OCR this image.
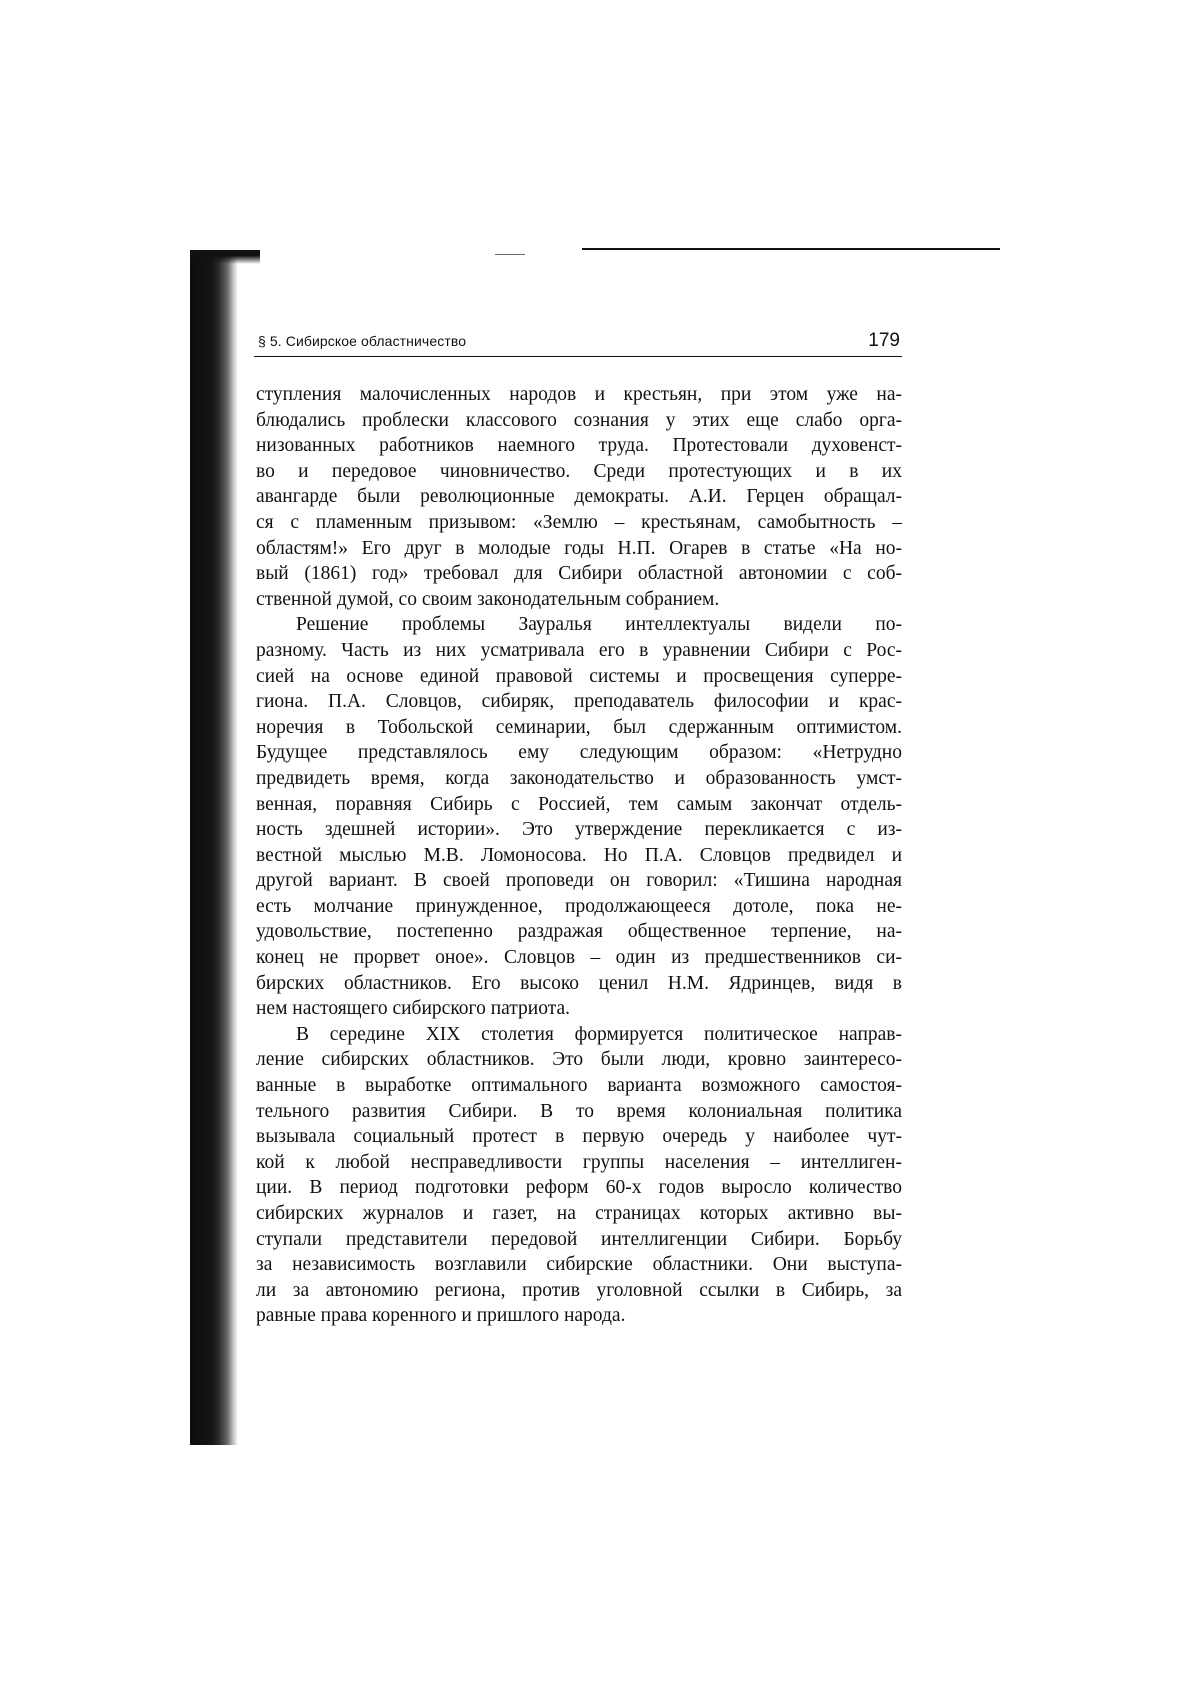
§ 5. Сибирское областничество	179
ступления малочисленных народов и крестьян, при этом уже на-
блюдались проблески классового сознания у этих еще слабо орга-
низованных работников наемного труда. Протестовали духовенст-
во и передовое чиновничество. Среди протестующих и в их
авангарде были революционные демократы. А.И. Герцен обращал-
ся с пламенным призывом: «Землю – крестьянам, самобытность –
областям!» Его друг в молодые годы Н.П. Огарев в статье «На но-
вый (1861) год» требовал для Сибири областной автономии с соб-
ственной думой, со своим законодательным собранием.
Решение проблемы Зауралья интеллектуалы видели по-
разному. Часть из них усматривала его в уравнении Сибири с Рос-
сией на основе единой правовой системы и просвещения суперре-
гиона. П.А. Словцов, сибиряк, преподаватель философии и крас-
норечия в Тобольской семинарии, был сдержанным оптимистом.
Будущее представлялось ему следующим образом: «Нетрудно
предвидеть время, когда законодательство и образованность умст-
венная, поравняя Сибирь с Россией, тем самым закончат отдель-
ность здешней истории». Это утверждение перекликается с из-
вестной мыслью М.В. Ломоносова. Но П.А. Словцов предвидел и
другой вариант. В своей проповеди он говорил: «Тишина народная
есть молчание принужденное, продолжающееся дотоле, пока не-
удовольствие, постепенно раздражая общественное терпение, на-
конец не прорвет оное». Словцов – один из предшественников си-
бирских областников. Его высоко ценил Н.М. Ядринцев, видя в
нем настоящего сибирского патриота.
В середине XIX столетия формируется политическое направ-
ление сибирских областников. Это были люди, кровно заинтересо-
ванные в выработке оптимального варианта возможного самостоя-
тельного развития Сибири. В то время колониальная политика
вызывала социальный протест в первую очередь у наиболее чут-
кой к любой несправедливости группы населения – интеллиген-
ции. В период подготовки реформ 60-х годов выросло количество
сибирских журналов и газет, на страницах которых активно вы-
ступали представители передовой интеллигенции Сибири. Борьбу
за независимость возглавили сибирские областники. Они выступа-
ли за автономию региона, против уголовной ссылки в Сибирь, за
равные права коренного и пришлого народа.
